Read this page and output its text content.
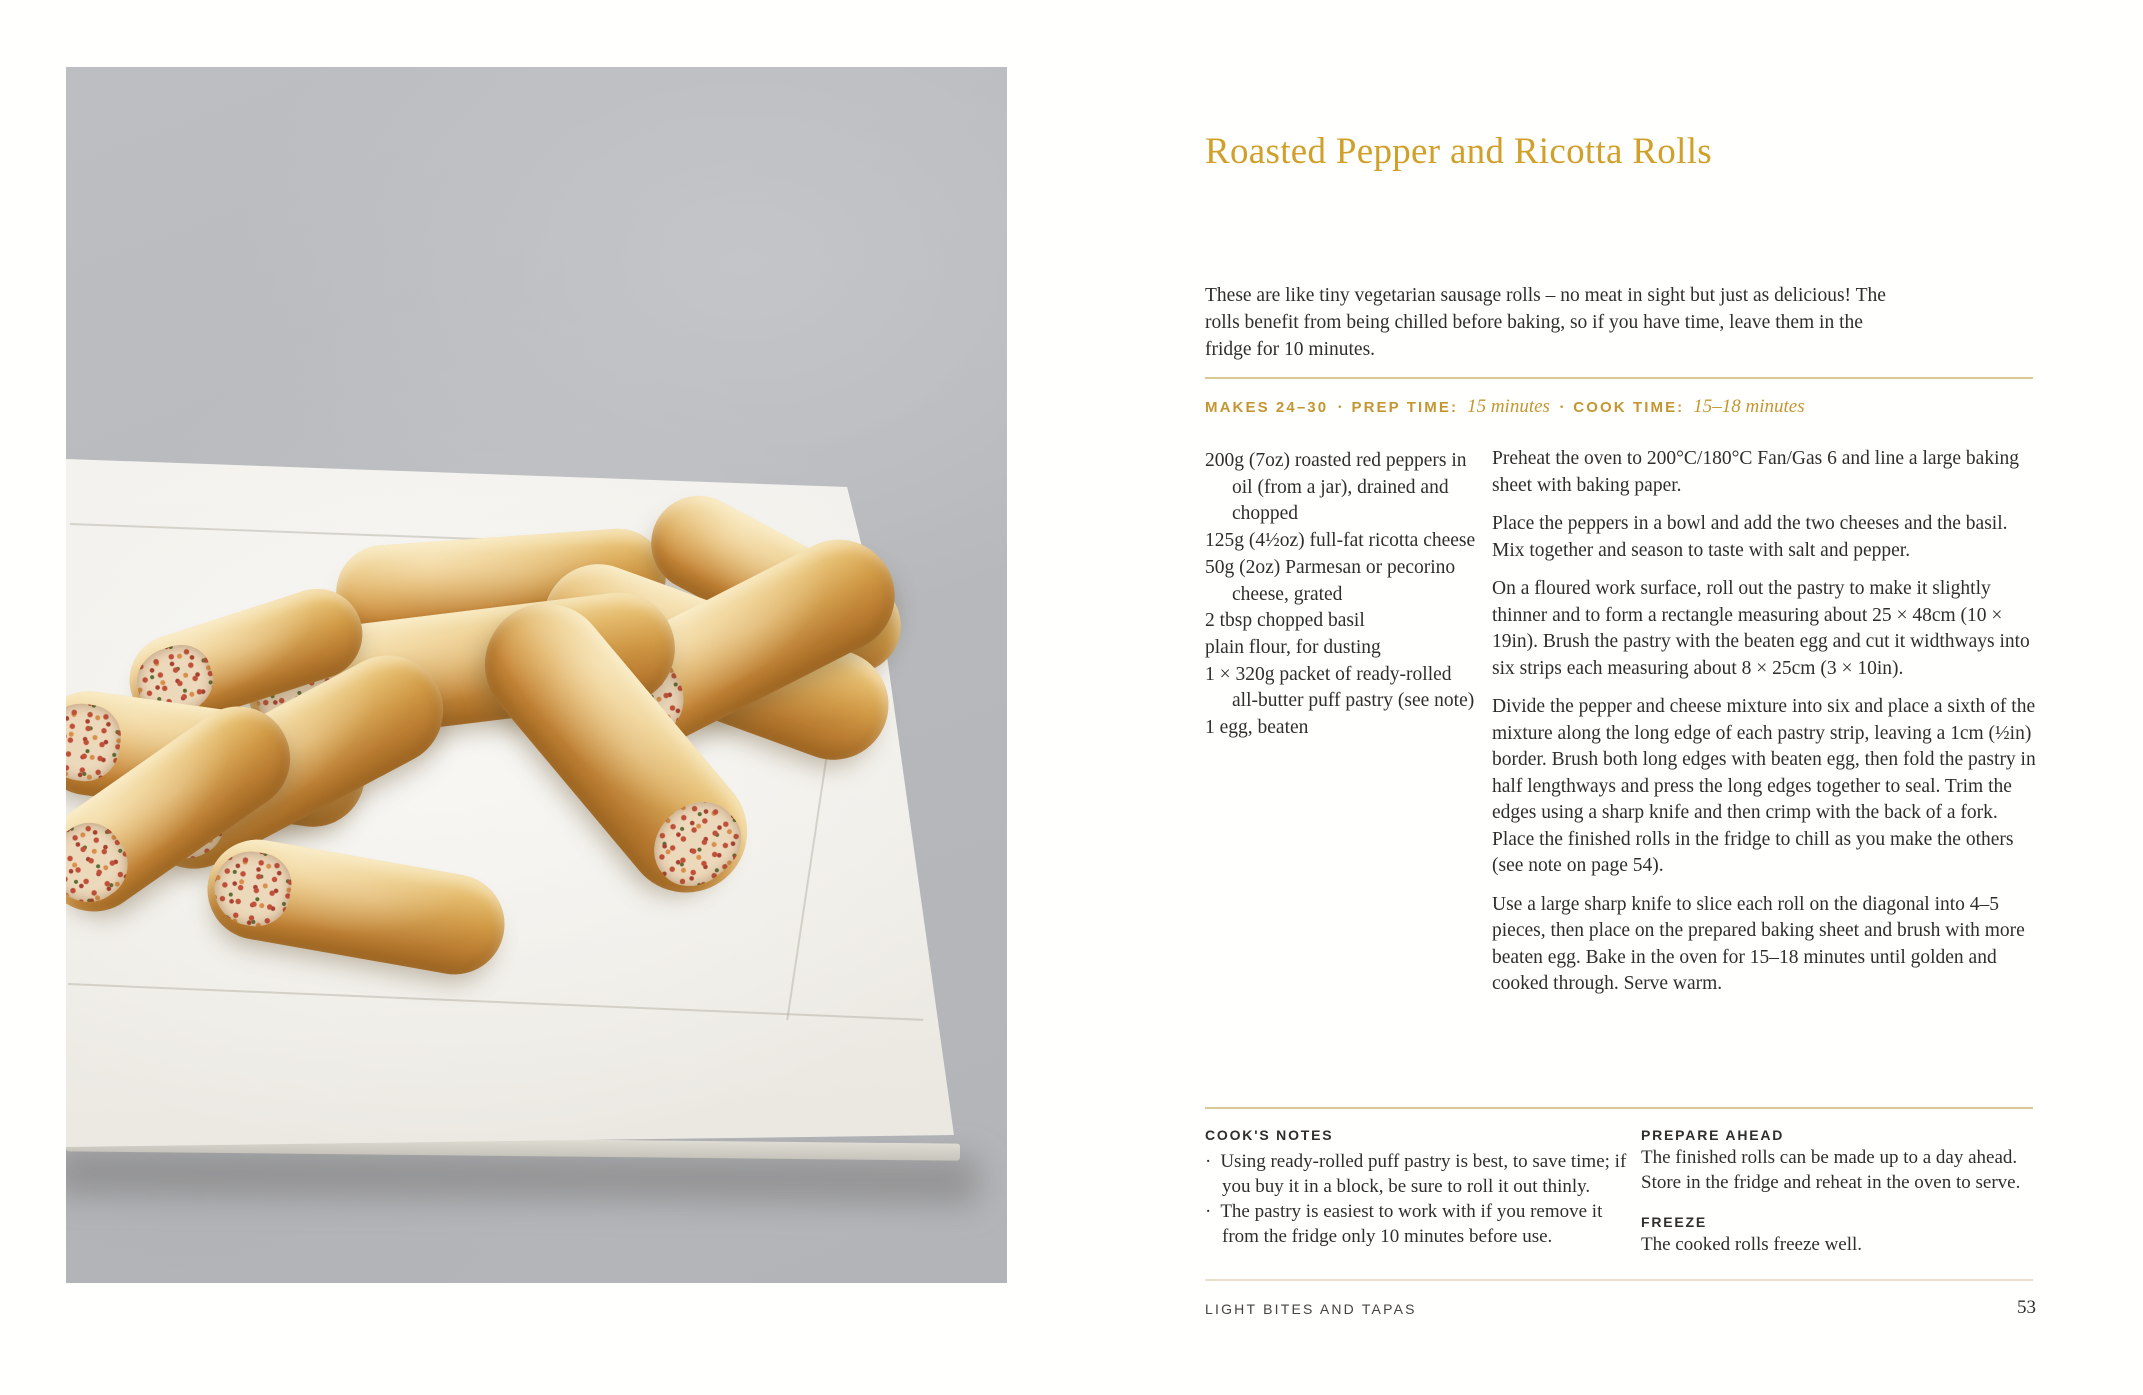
Roasted Pepper and Ricotta Rolls

These are like tiny vegetarian sausage rolls – no meat in sight but just as delicious! The rolls benefit from being chilled before baking, so if you have time, leave them in the fridge for 10 minutes.

MAKES 24–30 · PREP TIME: 15 minutes · COOK TIME: 15–18 minutes
200g (7oz) roasted red peppers in oil (from a jar), drained and chopped
125g (4½oz) full-fat ricotta cheese
50g (2oz) Parmesan or pecorino cheese, grated
2 tbsp chopped basil
plain flour, for dusting
1 × 320g packet of ready-rolled all-butter puff pastry (see note)
1 egg, beaten

Preheat the oven to 200°C/180°C Fan/Gas 6 and line a large baking sheet with baking paper.

Place the peppers in a bowl and add the two cheeses and the basil. Mix together and season to taste with salt and pepper.

On a floured work surface, roll out the pastry to make it slightly thinner and to form a rectangle measuring about 25 × 48cm (10 × 19in). Brush the pastry with the beaten egg and cut it widthways into six strips each measuring about 8 × 25cm (3 × 10in).

Divide the pepper and cheese mixture into six and place a sixth of the mixture along the long edge of each pastry strip, leaving a 1cm (½in) border. Brush both long edges with beaten egg, then fold the pastry in half lengthways and press the long edges together to seal. Trim the edges using a sharp knife and then crimp with the back of a fork. Place the finished rolls in the fridge to chill as you make the others (see note on page 54).

Use a large sharp knife to slice each roll on the diagonal into 4–5 pieces, then place on the prepared baking sheet and brush with more beaten egg. Bake in the oven for 15–18 minutes until golden and cooked through. Serve warm.

COOK'S NOTES

· Using ready-rolled puff pastry is best, to save time; if you buy it in a block, be sure to roll it out thinly.
· The pastry is easiest to work with if you remove it from the fridge only 10 minutes before use.

PREPARE AHEAD

The finished rolls can be made up to a day ahead. Store in the fridge and reheat in the oven to serve.

FREEZE

The cooked rolls freeze well.

LIGHT BITES AND TAPAS	53
